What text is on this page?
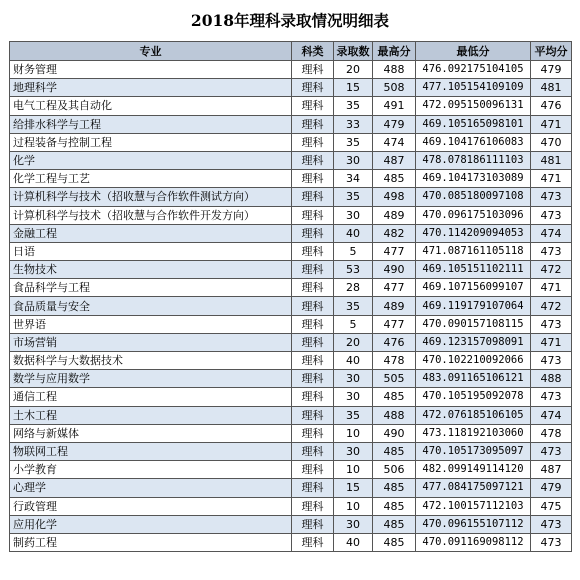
2018年理科录取情况明细表
专业	科类	录取数	最高分	最低分	平均分
财务管理	理科	20	488	476.092175104105	479
地理科学	理科	15	508	477.105154109109	481
电气工程及其自动化	理科	35	491	472.095150096131	476
给排水科学与工程	理科	33	479	469.105165098101	471
过程装备与控制工程	理科	35	474	469.104176106083	470
化学	理科	30	487	478.078186111103	481
化学工程与工艺	理科	34	485	469.104173103089	471
计算机科学与技术（招收慧与合作软件测试方向）	理科	35	498	470.085180097108	473
计算机科学与技术（招收慧与合作软件开发方向）	理科	30	489	470.096175103096	473
金融工程	理科	40	482	470.114209094053	474
日语	理科	5	477	471.087161105118	473
生物技术	理科	53	490	469.105151102111	472
食品科学与工程	理科	28	477	469.107156099107	471
食品质量与安全	理科	35	489	469.119179107064	472
世界语	理科	5	477	470.090157108115	473
市场营销	理科	20	476	469.123157098091	471
数据科学与大数据技术	理科	40	478	470.102210092066	473
数学与应用数学	理科	30	505	483.091165106121	488
通信工程	理科	30	485	470.105195092078	473
土木工程	理科	35	488	472.076185106105	474
网络与新媒体	理科	10	490	473.118192103060	478
物联网工程	理科	30	485	470.105173095097	473
小学教育	理科	10	506	482.099149114120	487
心理学	理科	15	485	477.084175097121	479
行政管理	理科	10	485	472.100157112103	475
应用化学	理科	30	485	470.096155107112	473
制药工程	理科	40	485	470.091169098112	473
